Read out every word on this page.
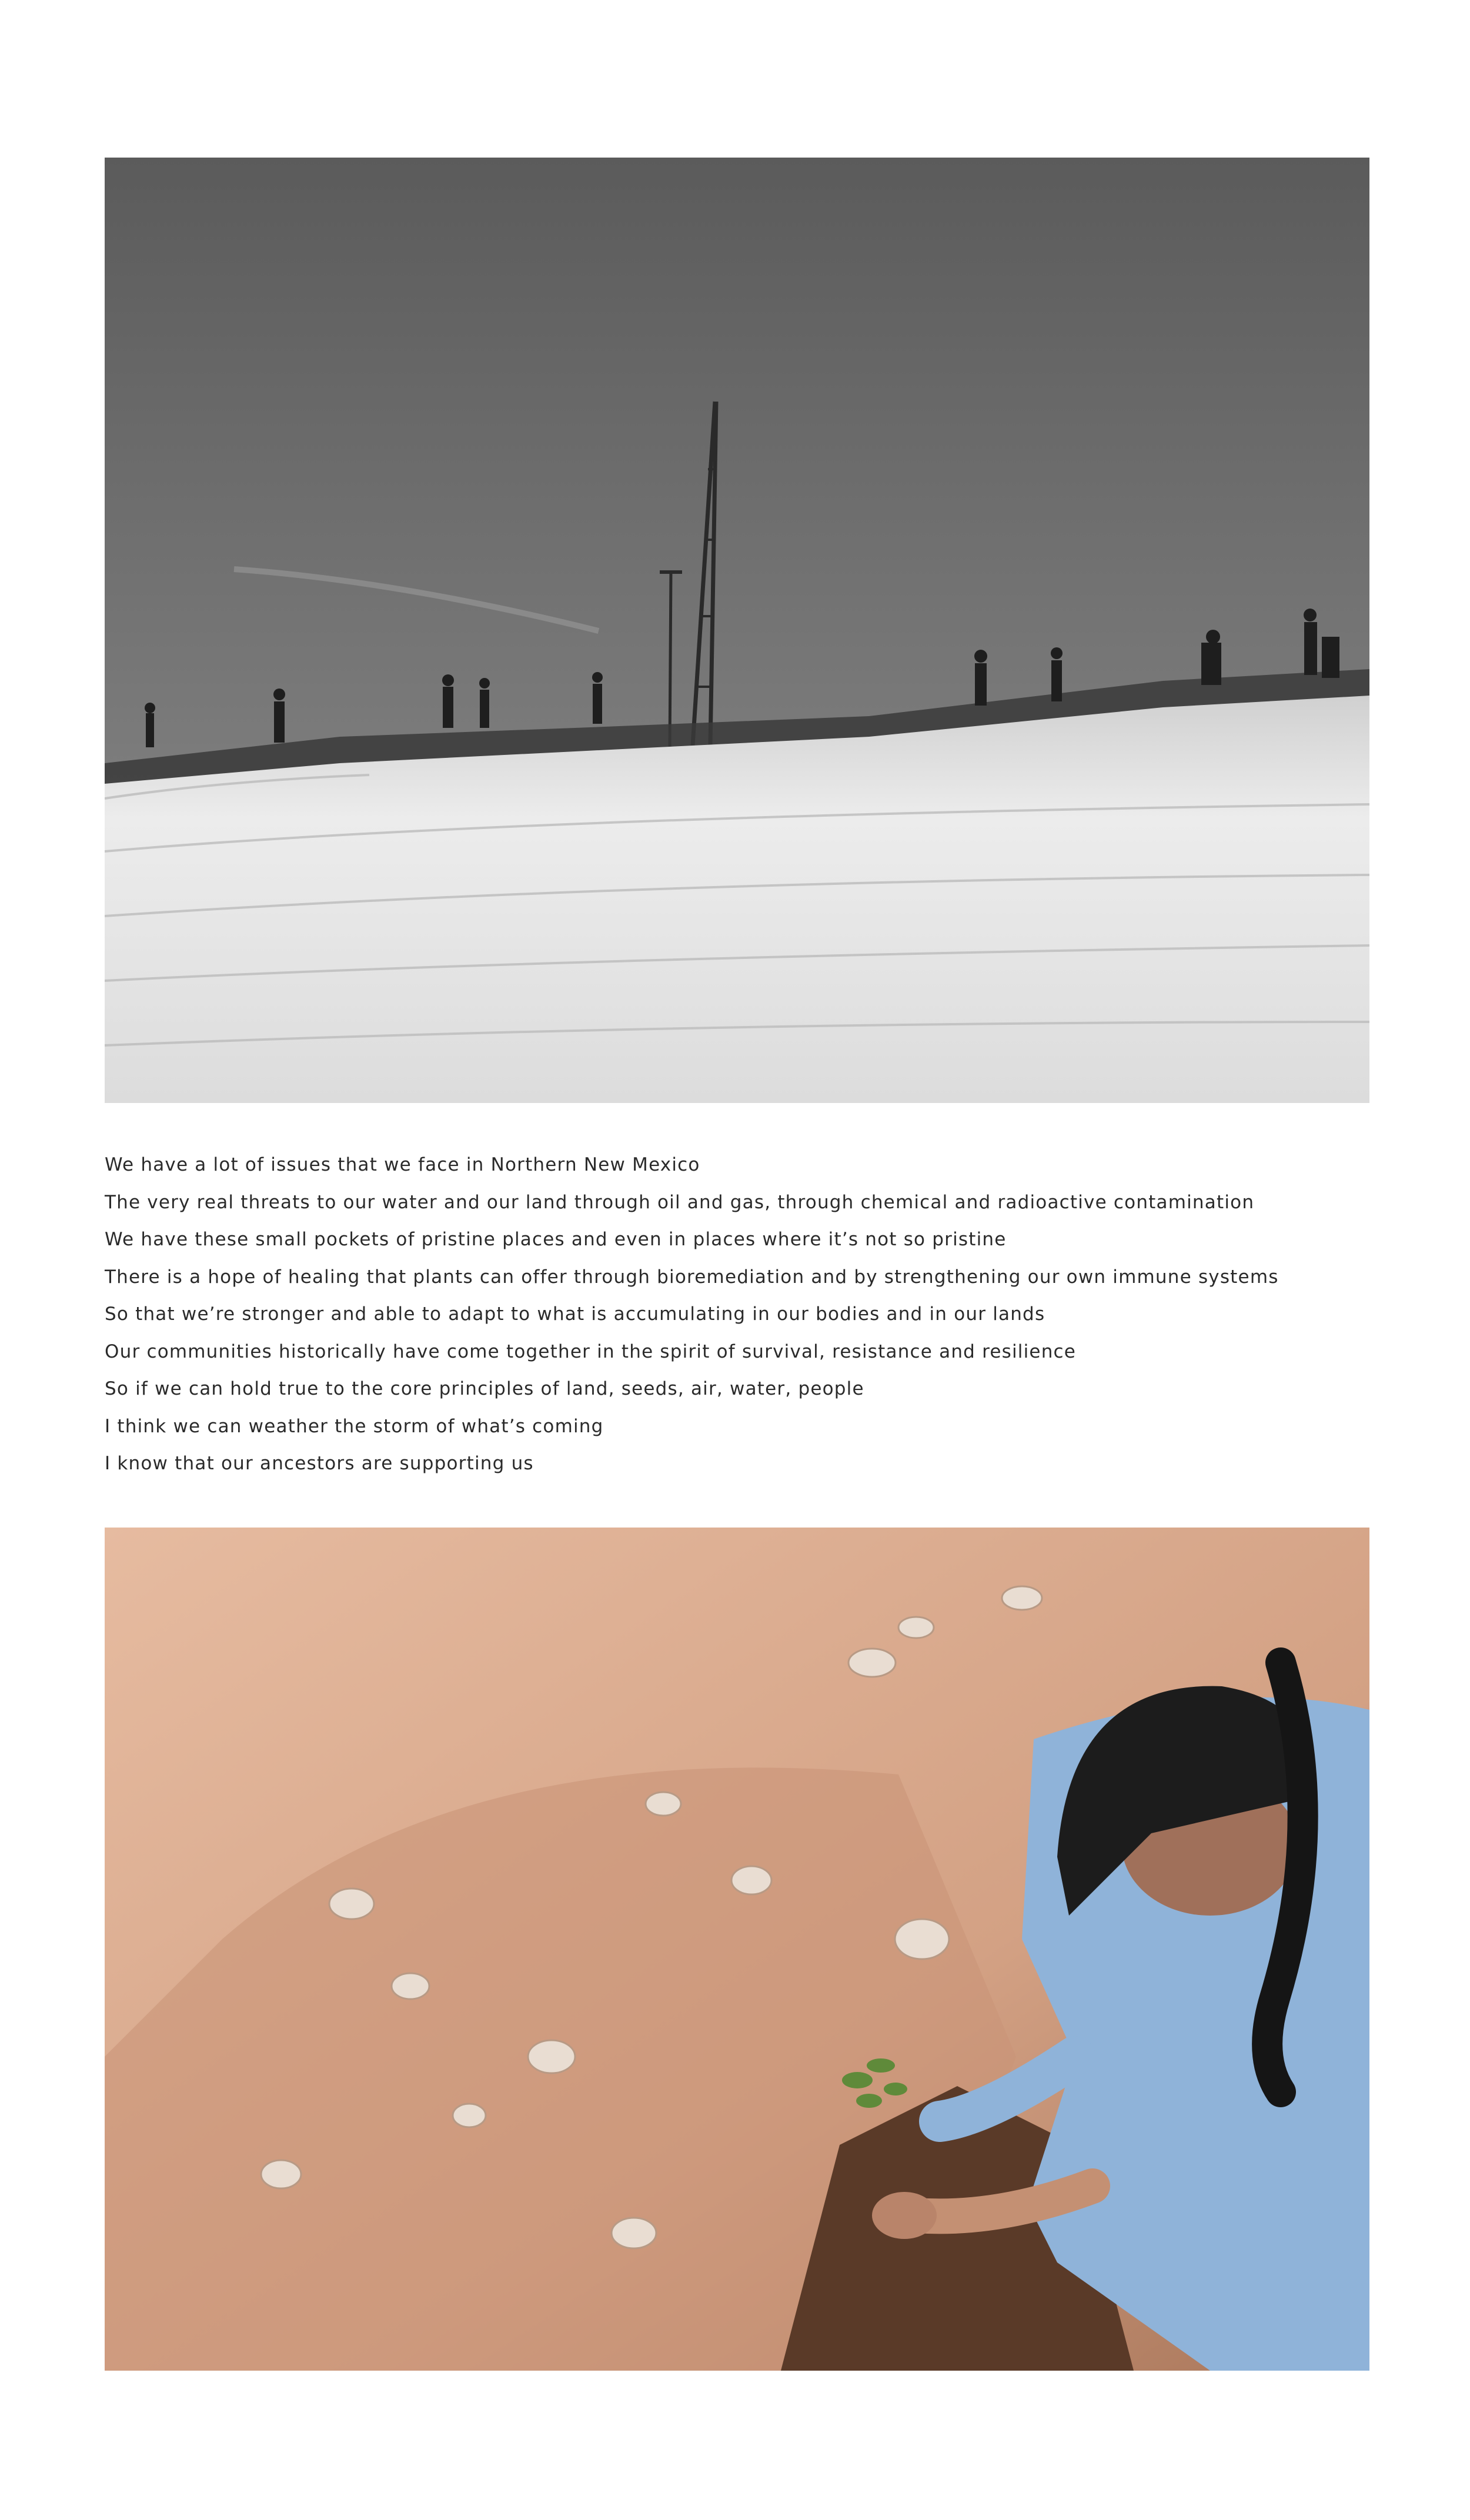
We have a lot of issues that we face in Northern New Mexico
The very real threats to our water and our land through oil and gas, through chemical and radioactive contamination
We have these small pockets of pristine places and even in places where it’s not so pristine
There is a hope of healing that plants can offer through bioremediation and by strengthening our own immune systems
So that we’re stronger and able to adapt to what is accumulating in our bodies and in our lands
Our communities historically have come together in the spirit of survival, resistance and resilience
So if we can hold true to the core principles of land, seeds, air, water, people
I think we can weather the storm of what’s coming
I know that our ancestors are supporting us
